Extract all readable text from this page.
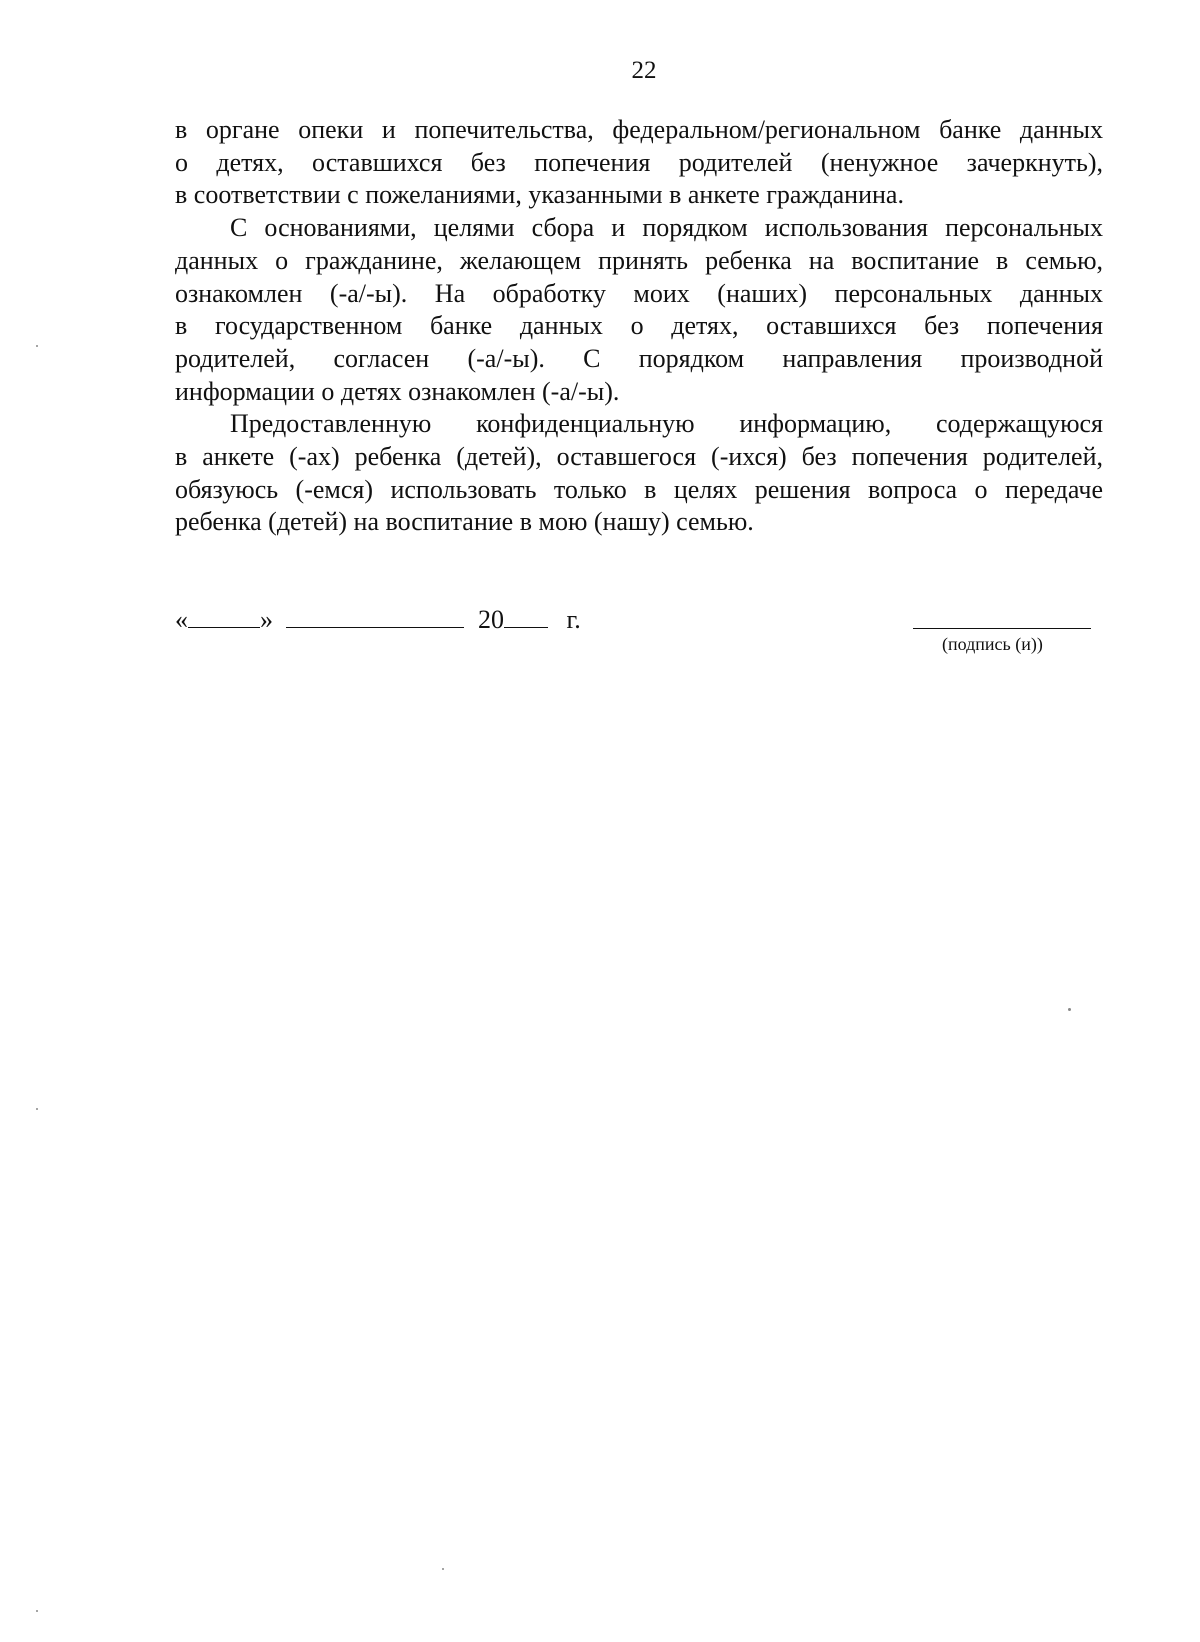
22

в органе опеки и попечительства, федеральном/региональном банке данных
о детях, оставшихся без попечения родителей (ненужное зачеркнуть),
в соответствии с пожеланиями, указанными в анкете гражданина.

С основаниями, целями сбора и порядком использования персональных
данных о гражданине, желающем принять ребенка на воспитание в семью,
ознакомлен (-а/-ы). На обработку моих (наших) персональных данных
в государственном банке данных о детях, оставшихся без попечения
родителей, согласен (-а/-ы). С порядком направления производной
информации о детях ознакомлен (-а/-ы).

Предоставленную конфиденциальную информацию, содержащуюся
в анкете (-ах) ребенка (детей), оставшегося (-ихся) без попечения родителей,
обязуюсь (-емся) использовать только в целях решения вопроса о передаче
ребенка (детей) на воспитание в мою (нашу) семью.

«	»	20 г.
(подпись (и))
